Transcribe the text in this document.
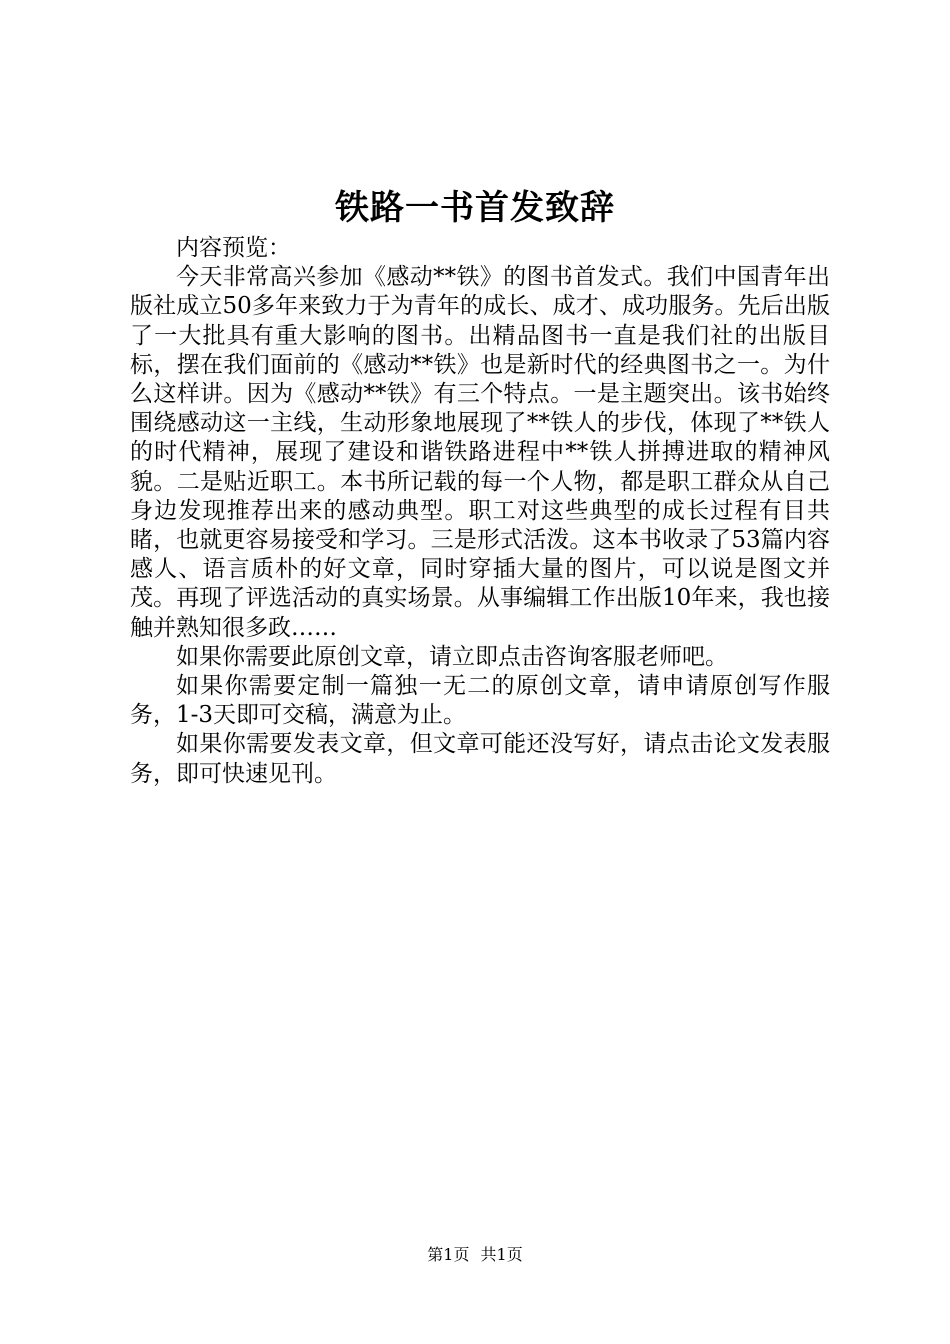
铁路一书首发致辞

内容预览：

今天非常高兴参加《感动**铁》的图书首发式。我们中国青年出版社成立50多年来致力于为青年的成长、成才、成功服务。先后出版了一大批具有重大影响的图书。出精品图书一直是我们社的出版目标，摆在我们面前的《感动**铁》也是新时代的经典图书之一。为什么这样讲。因为《感动**铁》有三个特点。一是主题突出。该书始终围绕感动这一主线，生动形象地展现了**铁人的步伐，体现了**铁人的时代精神，展现了建设和谐铁路进程中**铁人拼搏进取的精神风貌。二是贴近职工。本书所记载的每一个人物，都是职工群众从自己身边发现推荐出来的感动典型。职工对这些典型的成长过程有目共睹，也就更容易接受和学习。三是形式活泼。这本书收录了53篇内容感人、语言质朴的好文章，同时穿插大量的图片，可以说是图文并茂。再现了评选活动的真实场景。从事编辑工作出版10年来，我也接触并熟知很多政……

如果你需要此原创文章，请立即点击咨询客服老师吧。

如果你需要定制一篇独一无二的原创文章，请申请原创写作服务，1-3天即可交稿，满意为止。

如果你需要发表文章，但文章可能还没写好，请点击论文发表服务，即可快速见刊。

第1页 共1页
